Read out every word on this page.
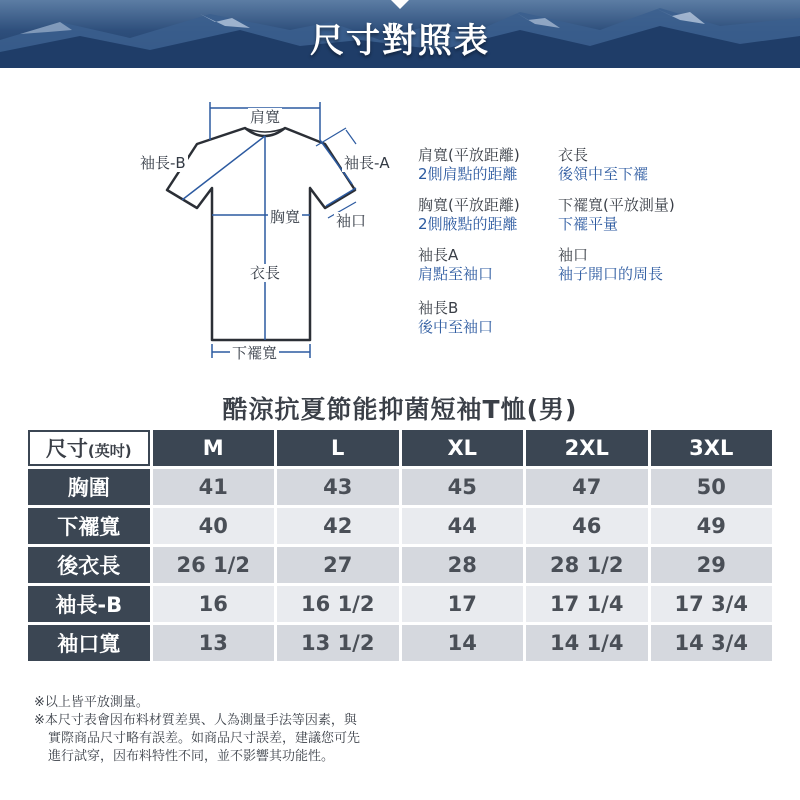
尺寸對照表
肩寬
袖長-B	袖長-A
胸寬 袖口
衣長
下襬寬
肩寬(平放距離)
2側肩點的距離
衣長
後領中至下襬
胸寬(平放距離)
2側腋點的距離
下襬寬(平放測量)
下襬平量
袖長A
肩點至袖口
袖口
袖子開口的周長
袖長B
後中至袖口
酷涼抗夏節能抑菌短袖T恤(男)
尺寸(英吋)	M	L	XL	2XL	3XL
胸圍	41	43	45	47	50
下襬寬	40	42	44	46	49
後衣長	26 1/2	27	28	28 1/2	29
袖長-B	16	16 1/2	17	17 1/4	17 3/4
袖口寬	13	13 1/2	14	14 1/4	14 3/4
※以上皆平放測量。
※本尺寸表會因布料材質差異、人為測量手法等因素，與
實際商品尺寸略有誤差。如商品尺寸誤差，建議您可先
進行試穿，因布料特性不同，並不影響其功能性。
